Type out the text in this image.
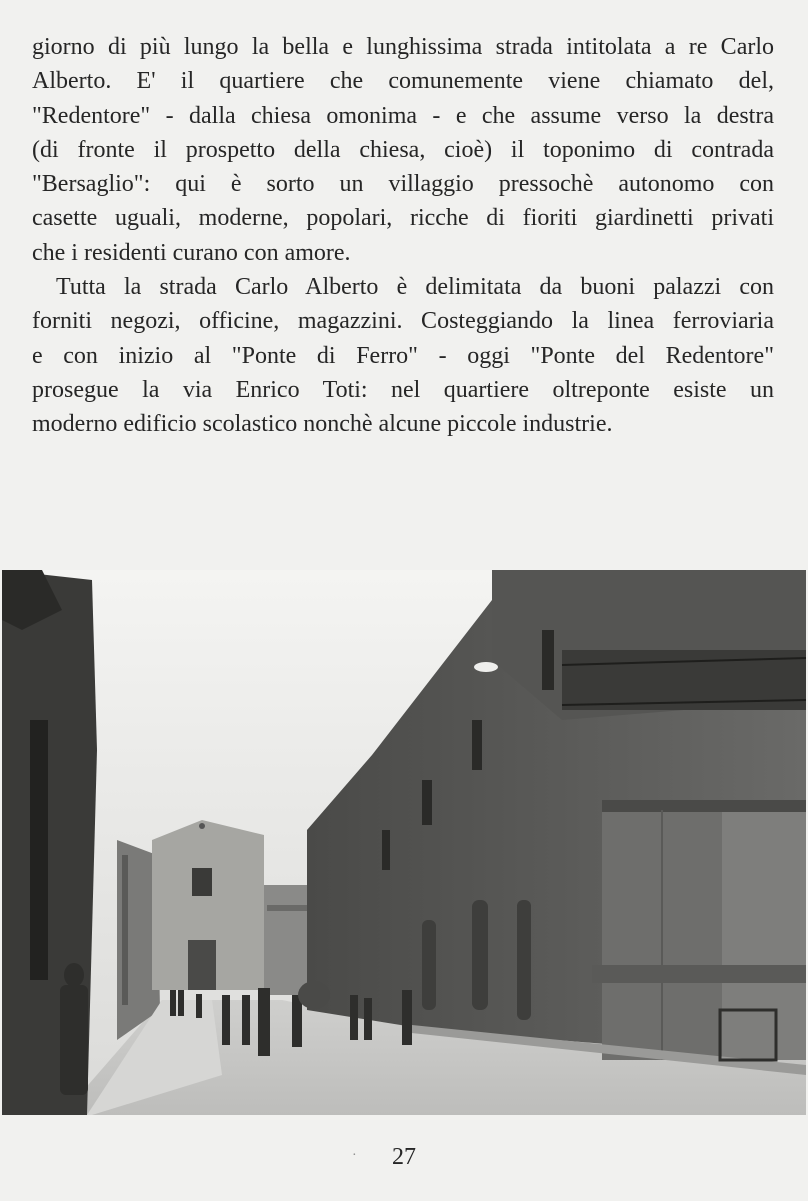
giorno di più lungo la bella e lunghissima strada intitolata a re Carlo
Alberto. E' il quartiere che comunemente viene chiamato del,
"Redentore" - dalla chiesa omonima - e che assume verso la destra
(di fronte il prospetto della chiesa, cioè) il toponimo di contrada
"Bersaglio": qui è sorto un villaggio pressochè autonomo con
casette uguali, moderne, popolari, ricche di fioriti giardinetti privati
che i residenti curano con amore.
Tutta la strada Carlo Alberto è delimitata da buoni palazzi con
forniti negozi, officine, magazzini. Costeggiando la linea ferroviaria
e con inizio al "Ponte di Ferro" - oggi "Ponte del Redentore"
prosegue la via Enrico Toti: nel quartiere oltreponte esiste un
moderno edificio scolastico nonchè alcune piccole industrie.
·	27
